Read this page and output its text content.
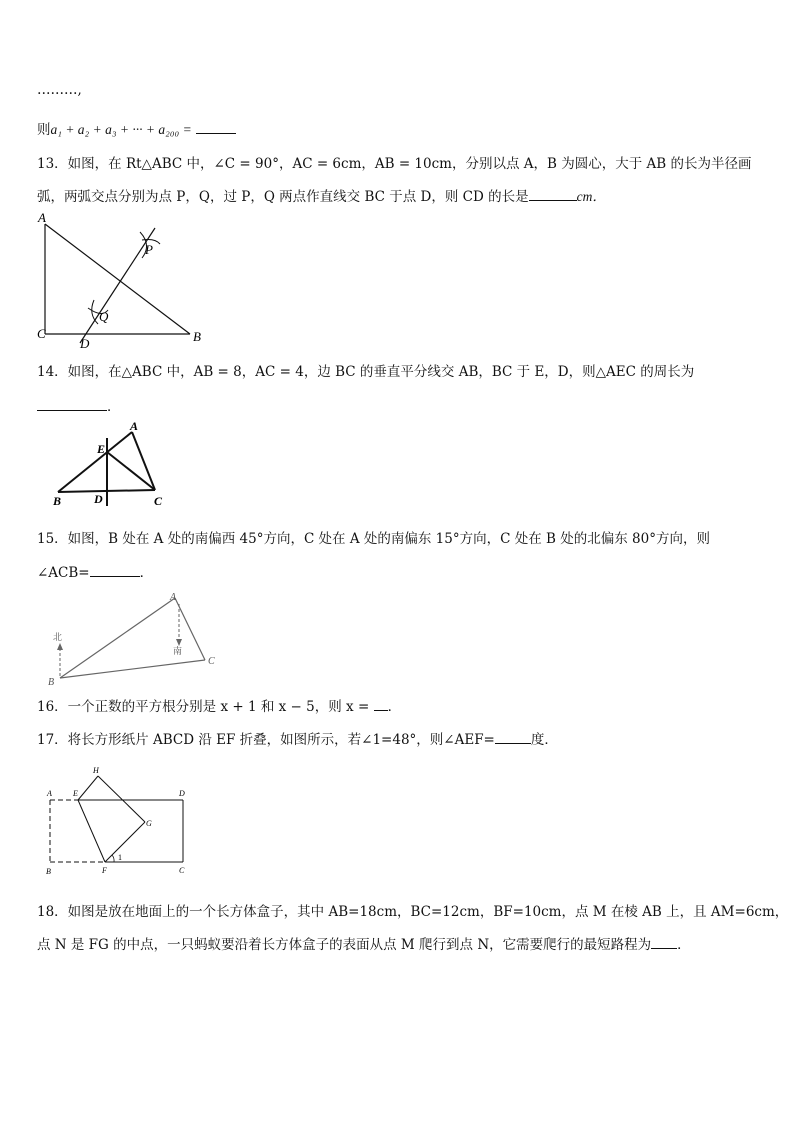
………,
则a₁ + a₂ + a₃ + ··· + a₂₀₀ =
13．如图，在 Rt△ABC 中，∠C = 90°，AC = 6cm，AB = 10cm，分别以点 A，B 为圆心，大于 AB 的长为半径画
弧，两弧交点分别为点 P，Q，过 P，Q 两点作直线交 BC 于点 D，则 CD 的长是	cm．
A
C	B
P
Q
D
14．如图，在△ABC 中，AB = 8，AC = 4，边 BC 的垂直平分线交 AB，BC 于 E，D，则△AEC 的周长为
．
A
E
B	D	C
15．如图，B 处在 A 处的南偏西 45°方向，C 处在 A 处的南偏东 15°方向，C 处在 B 处的北偏东 80°方向，则
∠ACB=	．
A
C
B
北
南
16．一个正数的平方根分别是 x + 1 和 x − 5，则 x = ．
17．将长方形纸片 ABCD 沿 EF 折叠，如图所示，若∠1=48°，则∠AEF=	度．
A	E
H
D
G
B	F	C
1
18．如图是放在地面上的一个长方体盒子，其中 AB=18cm，BC=12cm，BF=10cm，点 M 在棱 AB 上，且 AM=6cm，
点 N 是 FG 的中点，一只蚂蚁要沿着长方体盒子的表面从点 M 爬行到点 N，它需要爬行的最短路程为 ．
